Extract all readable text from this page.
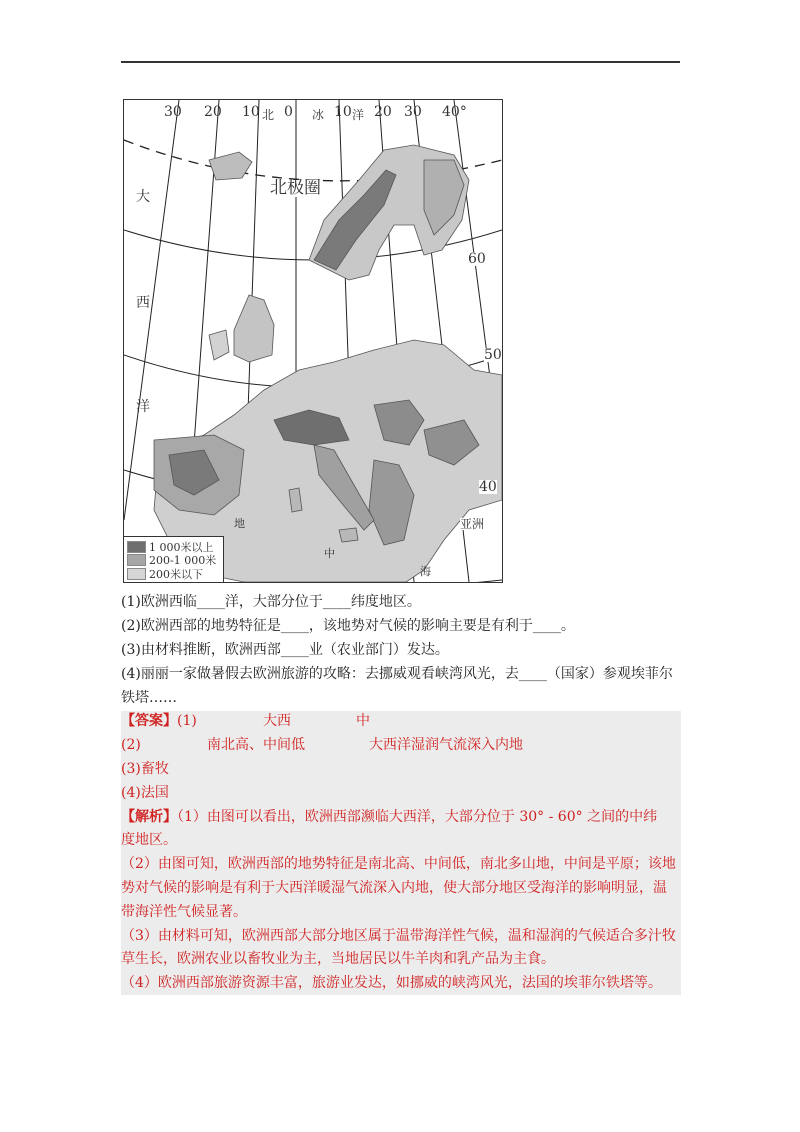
30 20 10 0	10 20 30 40°
北	冰 洋
北极圈
大
西
洋
60
50
40
地
中
海
亚洲
1 000米以上
200-1 000米
200米以下
(1)欧洲西临____洋，大部分位于____纬度地区。
(2)欧洲西部的地势特征是____，该地势对气候的影响主要是有利于____。
(3)由材料推断，欧洲西部____业（农业部门）发达。
(4)丽丽一家做暑假去欧洲旅游的攻略：去挪威观看峡湾风光，去____（国家）参观埃菲尔
铁塔……
【答案】(1)	大西	中
(2)	南北高、中间低	大西洋湿润气流深入内地
(3)畜牧
(4)法国
【解析】（1）由图可以看出，欧洲西部濒临大西洋，大部分位于 30° - 60° 之间的中纬
度地区。
（2）由图可知，欧洲西部的地势特征是南北高、中间低，南北多山地，中间是平原；该地
势对气候的影响是有利于大西洋暖湿气流深入内地，使大部分地区受海洋的影响明显，温
带海洋性气候显著。
（3）由材料可知，欧洲西部大部分地区属于温带海洋性气候，温和湿润的气候适合多汁牧
草生长，欧洲农业以畜牧业为主，当地居民以牛羊肉和乳产品为主食。
（4）欧洲西部旅游资源丰富，旅游业发达，如挪威的峡湾风光，法国的埃菲尔铁塔等。
